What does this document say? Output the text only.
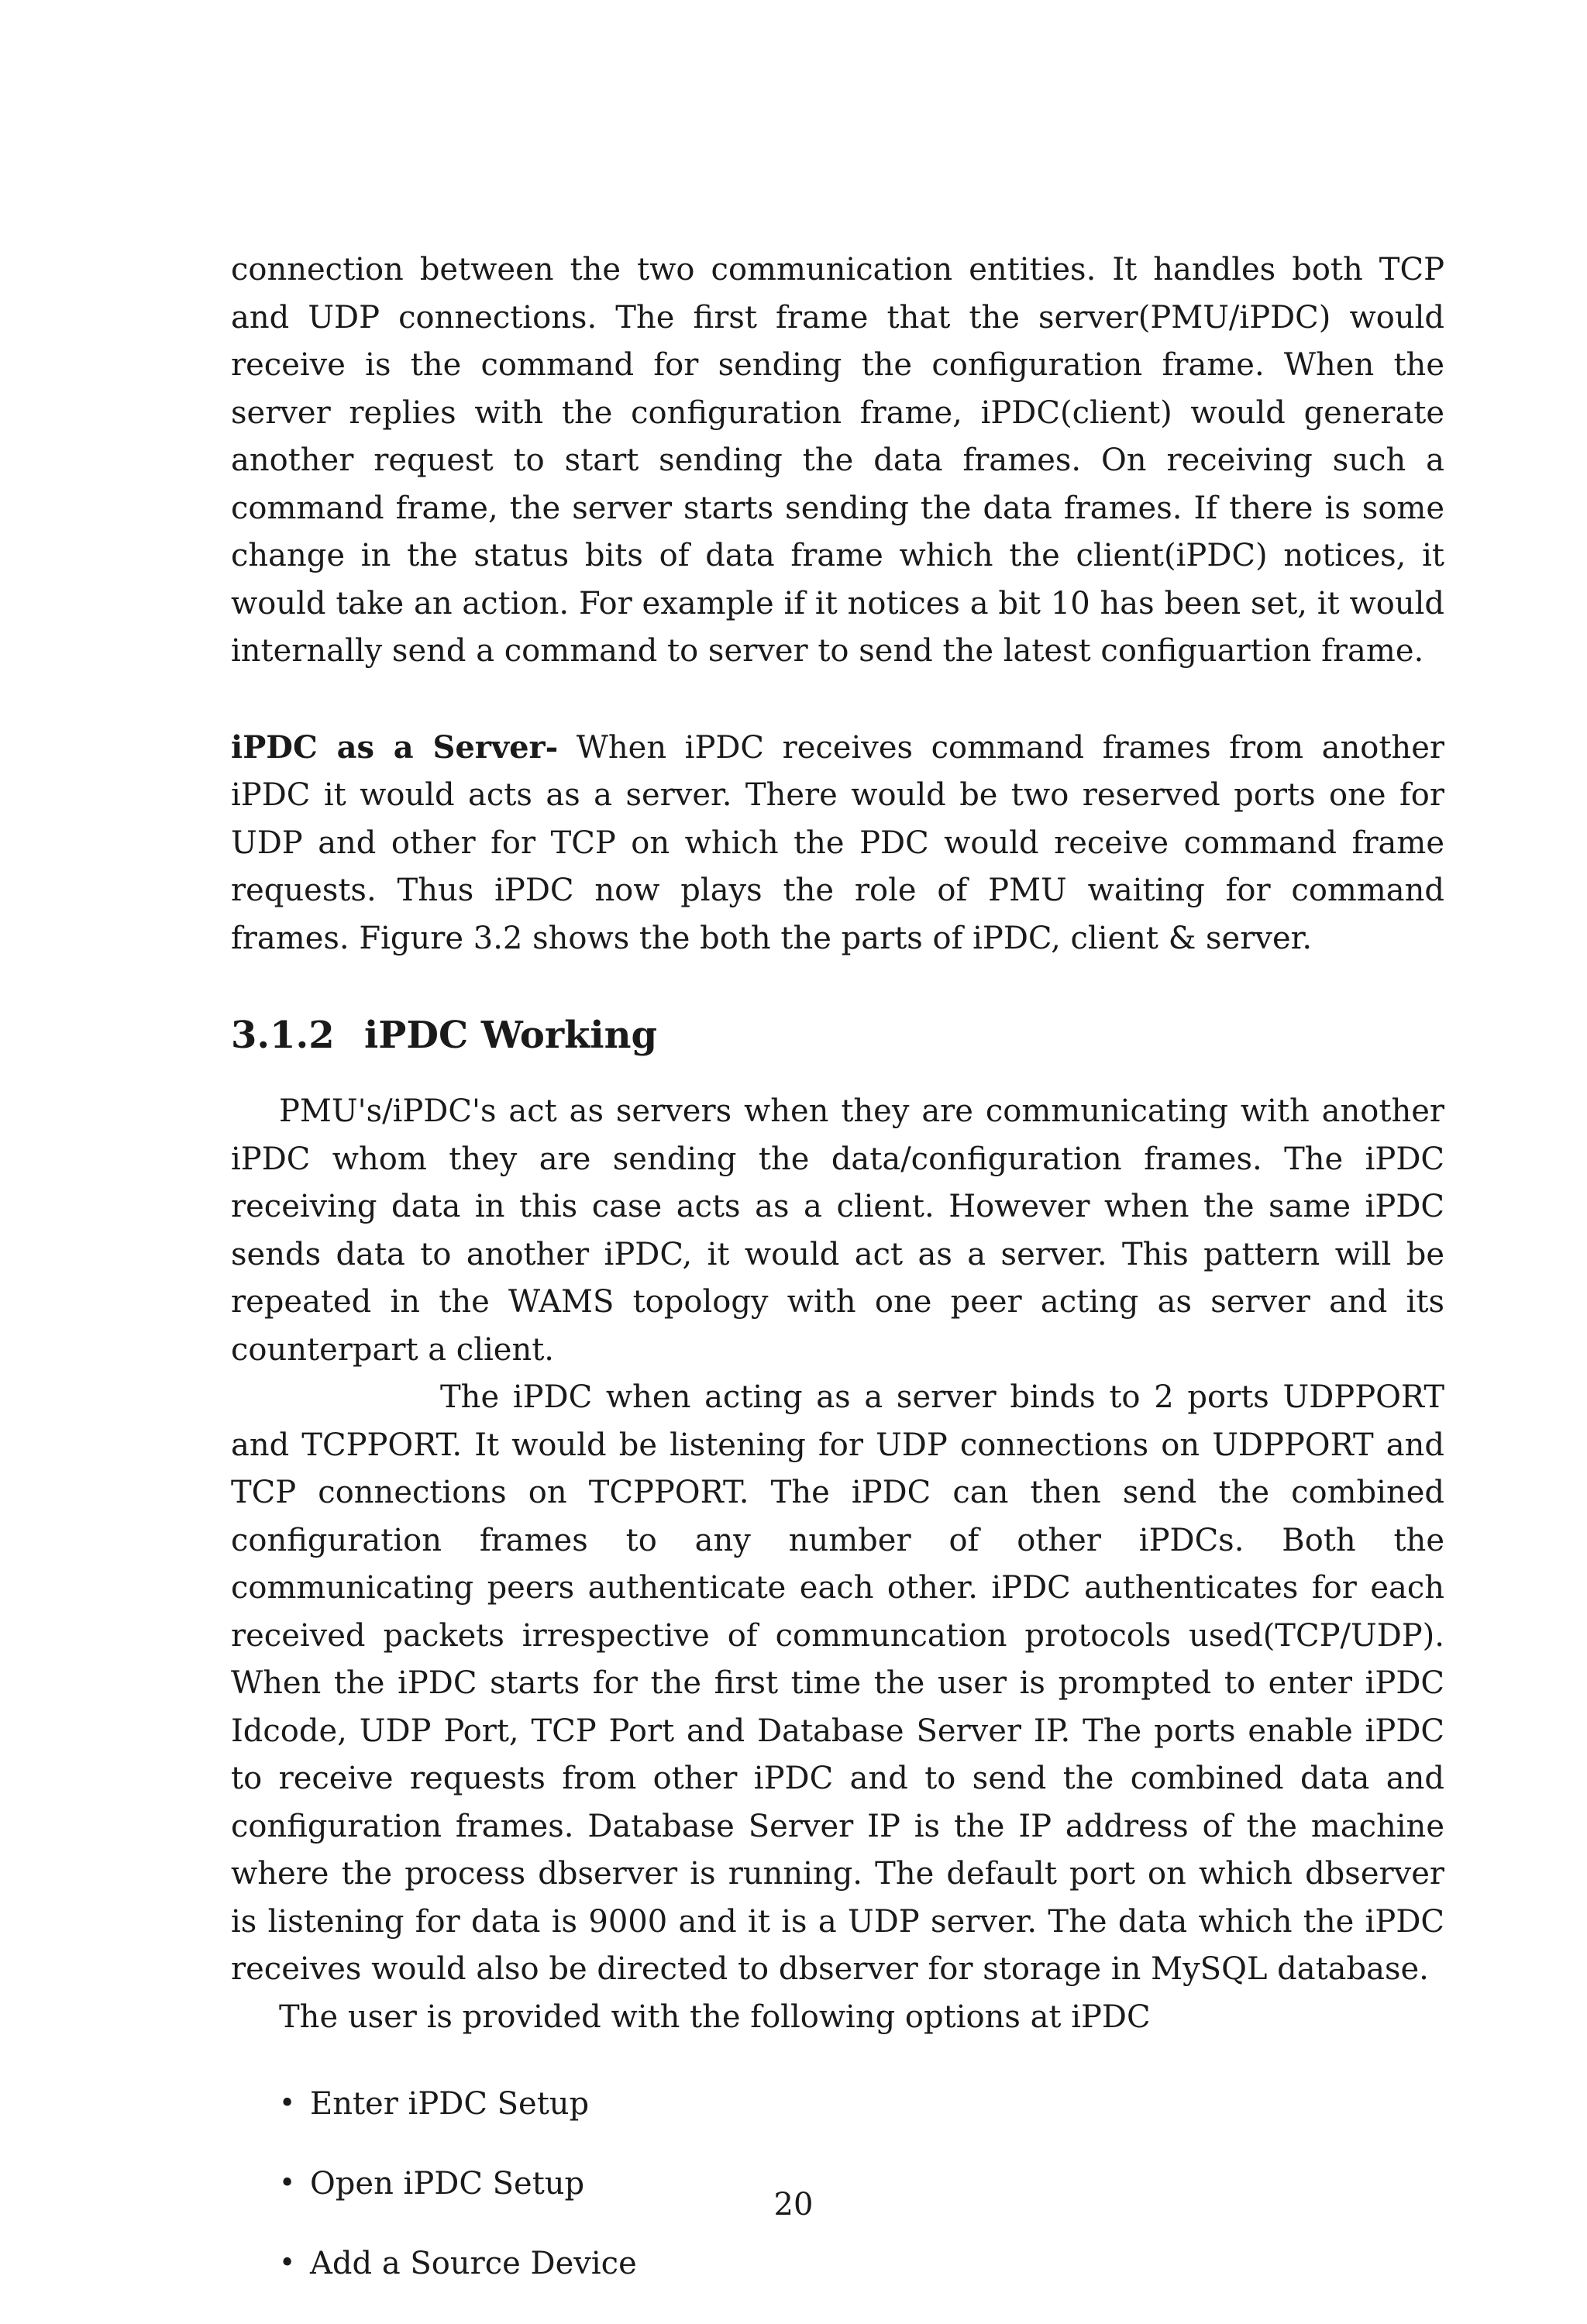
connection between the two communication entities. It handles both TCP and UDP connections. The first frame that the server(PMU/iPDC) would receive is the command for sending the configuration frame. When the server replies with the configuration frame, iPDC(client) would generate another request to start sending the data frames. On receiving such a command frame, the server starts sending the data frames. If there is some change in the status bits of data frame which the client(iPDC) notices, it would take an action. For example if it notices a bit 10 has been set, it would internally send a command to server to send the latest configuartion frame.

iPDC as a Server- When iPDC receives command frames from another iPDC it would acts as a server. There would be two reserved ports one for UDP and other for TCP on which the PDC would receive command frame requests. Thus iPDC now plays the role of PMU waiting for command frames. Figure 3.2 shows the both the parts of iPDC, client & server.

3.1.2 iPDC Working

PMU's/iPDC's act as servers when they are communicating with another iPDC whom they are sending the data/configuration frames. The iPDC receiving data in this case acts as a client. However when the same iPDC sends data to another iPDC, it would act as a server. This pattern will be repeated in the WAMS topology with one peer acting as server and its counterpart a client.

The iPDC when acting as a server binds to 2 ports UDPPORT and TCPPORT. It would be listening for UDP connections on UDPPORT and TCP connections on TCPPORT. The iPDC can then send the combined configuration frames to any number of other iPDCs. Both the communicating peers authenticate each other. iPDC authenticates for each received packets irrespective of communcation protocols used(TCP/UDP). When the iPDC starts for the first time the user is prompted to enter iPDC Idcode, UDP Port, TCP Port and Database Server IP. The ports enable iPDC to receive requests from other iPDC and to send the combined data and configuration frames. Database Server IP is the IP address of the machine where the process dbserver is running. The default port on which dbserver is listening for data is 9000 and it is a UDP server. The data which the iPDC receives would also be directed to dbserver for storage in MySQL database.

The user is provided with the following options at iPDC

• Enter iPDC Setup
• Open iPDC Setup
• Add a Source Device
20
